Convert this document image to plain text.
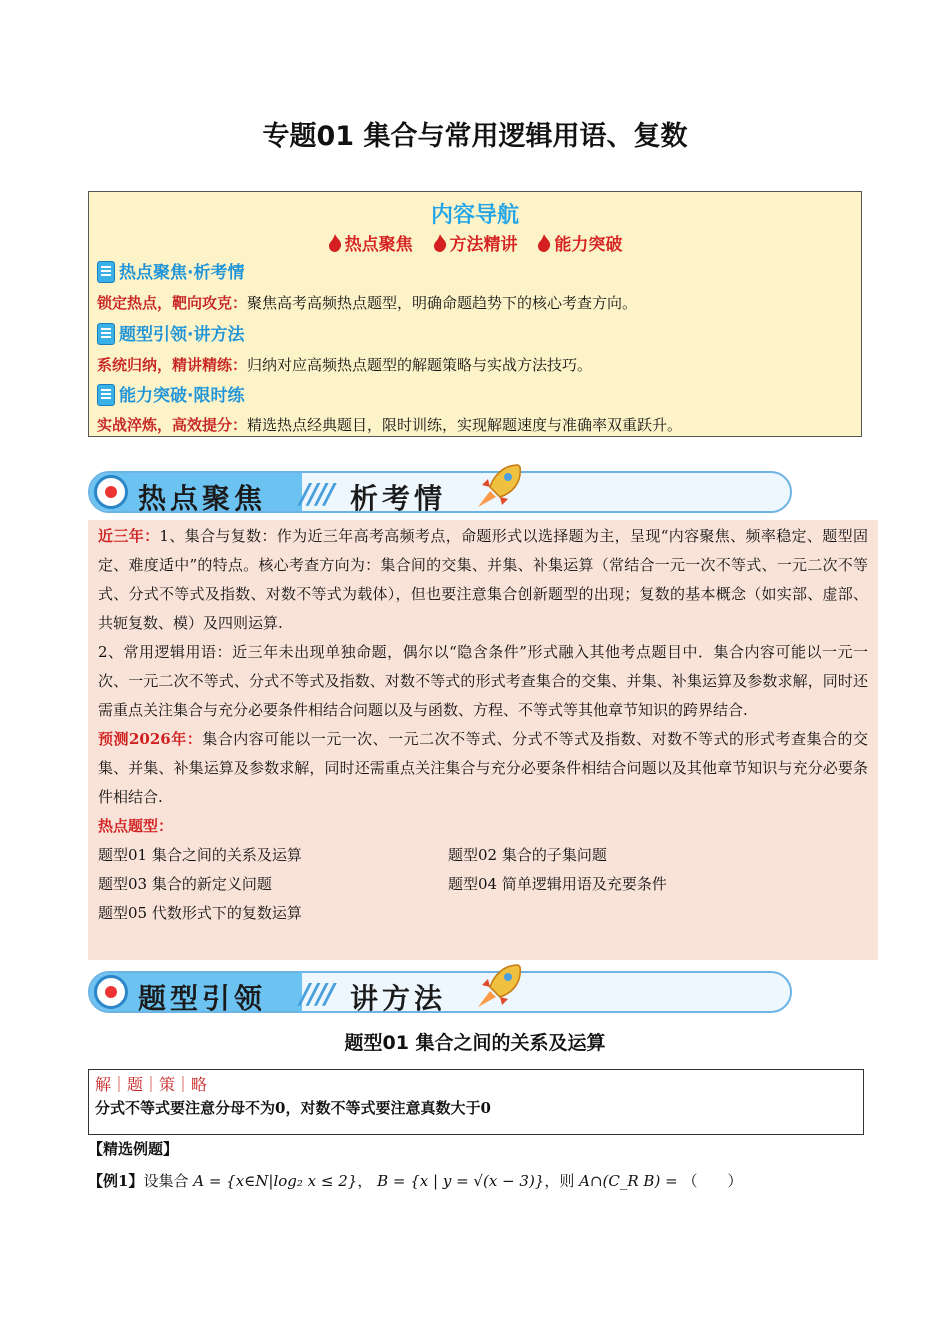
专题01 集合与常用逻辑用语、复数
内容导航
热点聚焦 方法精讲 能力突破
热点聚焦·析考情
锁定热点，靶向攻克：聚焦高考高频热点题型，明确命题趋势下的核心考查方向。
题型引领·讲方法
系统归纳，精讲精练：归纳对应高频热点题型的解题策略与实战方法技巧。
能力突破·限时练
实战淬炼，高效提分：精选热点经典题目，限时训练，实现解题速度与准确率双重跃升。
热点聚焦 //// 析考情

近三年：1、集合与复数：作为近三年高考高频考点，命题形式以选择题为主，呈现“内容聚焦、频率稳定、题型固定、难度适中”的特点。核心考查方向为：集合间的交集、并集、补集运算（常结合一元一次不等式、一元二次不等式、分式不等式及指数、对数不等式为载体），但也要注意集合创新题型的出现；复数的基本概念（如实部、虚部、共轭复数、模）及四则运算.

2、常用逻辑用语：近三年未出现单独命题，偶尔以“隐含条件”形式融入其他考点题目中．集合内容可能以一元一次、一元二次不等式、分式不等式及指数、对数不等式的形式考查集合的交集、并集、补集运算及参数求解，同时还需重点关注集合与充分必要条件相结合问题以及与函数、方程、不等式等其他章节知识的跨界结合.

预测2026年：集合内容可能以一元一次、一元二次不等式、分式不等式及指数、对数不等式的形式考查集合的交集、并集、补集运算及参数求解，同时还需重点关注集合与充分必要条件相结合问题以及其他章节知识与充分必要条件相结合.

热点题型：

题型01 集合之间的关系及运算	题型02 集合的子集问题
题型03 集合的新定义问题	题型04 简单逻辑用语及充要条件
题型05 代数形式下的复数运算
题型引领 //// 讲方法
题型01 集合之间的关系及运算
解｜题｜策｜略
分式不等式要注意分母不为0，对数不等式要注意真数大于0
【精选例题】
【例1】设集合 A = {x∈N|log₂ x ≤ 2}， B = {x | y = √(x − 3)}，则 A∩(C_R B) = （　　）
